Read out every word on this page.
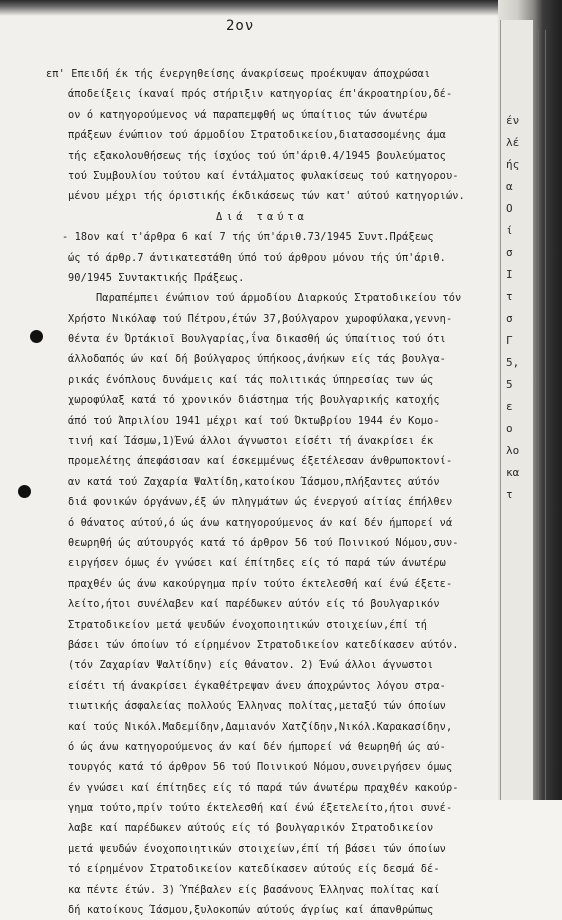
έν
λέ
ής
α
Ο
ί
σ
Ι
τ
σ
Γ
5,
5
ε
ο
λο
κα
τ
2ον
επ' Επειδή έκ τής ένεργηθείσης άνακρίσεως προέκυψαν άποχρώσαι
άποδείξεις ίκαναί πρός στήριξιν κατηγορίας έπ'άκροατηρίου,δέ-
ον ό κατηγορούμενος νά παραπεμφθή ως ύπαίτιος τών άνωτέρω
πράξεων ένώπιον τού άρμοδίου Στρατοδικείου,διατασσομένης άμα
τής εξακολουθήσεως τής ίσχύος τού ύπ'άριθ.4/1945 βουλεύματος
τού Συμβουλίου τούτου καί έντάλματος φυλακίσεως τού κατηγορου-
μένου μέχρι τής όριστικής έκδικάσεως τών κατ' αύτού κατηγοριών.
Διά ταύτα
- 18ον καί τ'άρθρα 6 καί 7 τής ύπ'άριθ.73/1945 Συντ.Πράξεως
ώς τό άρθρ.7 άντικατεστάθη ύπό τού άρθρου μόνου τής ύπ'άριθ.
90/1945 Συντακτικής Πράξεως.
Παραπέμπει ένώπιον τού άρμοδίου Διαρκούς Στρατοδικείου τόν
Χρήστο Νικόλαφ τού Πέτρου,έτών 37,βούλγαρον χωροφύλακα,γεννη-
θέντα έν Όρτάκιοϊ Βουλγαρίας,ΐνα δικασθή ώς ύπαίτιος τού ότι
άλλοδαπός ών καί δή βούλγαρος ύπήκοος,άνήκων είς τάς βουλγα-
ρικάς ένόπλους δυνάμεις καί τάς πολιτικάς ύπηρεσίας των ώς
χωροφύλαξ κατά τό χρονικόν διάστημα τής βουλγαρικής κατοχής
άπό τού Άπριλίου 1941 μέχρι καί τού Όκτωβρίου 1944 έν Κομο-
τινή καί Ίάσμω,1)Ένώ άλλοι άγνωστοι είσέτι τή άνακρίσει έκ
προμελέτης άπεφάσισαν καί έσκεμμένως έξετέλεσαν άνθρωποκτονί-
αν κατά τού Ζαχαρία Ψαλτίδη,κατοίκου Ίάσμου,πλήξαντες αύτόν
διά φονικών όργάνων,έξ ών πληγμάτων ώς ένεργού αίτίας έπήλθεν
ό θάνατος αύτού,ό ώς άνω κατηγορούμενος άν καί δέν ήμπορεί νά
θεωρηθή ώς αύτουργός κατά τό άρθρον 56 τού Ποινικού Νόμου,συν-
ειργήσεν όμως έν γνώσει καί έπίτηδες είς τό παρά τών άνωτέρω
πραχθέν ώς άνω κακούργημα πρίν τούτο έκτελεσθή καί ένώ έξετε-
λείτο,ήτοι συνέλαβεν καί παρέδωκεν αύτόν είς τό βουλγαρικόν
Στρατοδικείον μετά ψευδών ένοχοποιητικών στοιχείων,έπί τή
βάσει τών όποίων τό είρημένον Στρατοδικείον κατεδίκασεν αύτόν.
(τόν Ζαχαρίαν Ψαλτίδην) είς θάνατον. 2) Ένώ άλλοι άγνωστοι
είσέτι τή άνακρίσει έγκαθέτρεψαν άνευ άποχρώντος λόγου στρα-
τιωτικής άσφαλείας πολλούς Έλληνας πολίτας,μεταξύ τών όποίων
καί τούς Νικόλ.Μαδεμίδην,Δαμιανόν Χατζίδην,Νικόλ.Καρακασίδην,
ό ώς άνω κατηγορούμενος άν καί δέν ήμπορεί νά θεωρηθή ώς αύ-
τουργός κατά τό άρθρον 56 τού Ποινικού Νόμου,συνειργήσεν όμως
έν γνώσει καί έπίτηδες είς τό παρά τών άνωτέρω πραχθέν κακούρ-
γημα τούτο,πρίν τούτο έκτελεσθή καί ένώ έξετελείτο,ήτοι συνέ-
λαβε καί παρέδωκεν αύτούς είς τό βουλγαρικόν Στρατοδικείον
μετά ψευδών ένοχοποιητικών στοιχείων,έπί τή βάσει τών όποίων
τό είρημένον Στρατοδικείον κατεδίκασεν αύτούς είς δεσμά δέ-
κα πέντε έτών. 3) Ύπέβαλεν είς βασάνους Έλληνας πολίτας καί
δή κατοίκους Ίάσμου,ξυλοκοπών αύτούς άγρίως καί άπανθρώπως
